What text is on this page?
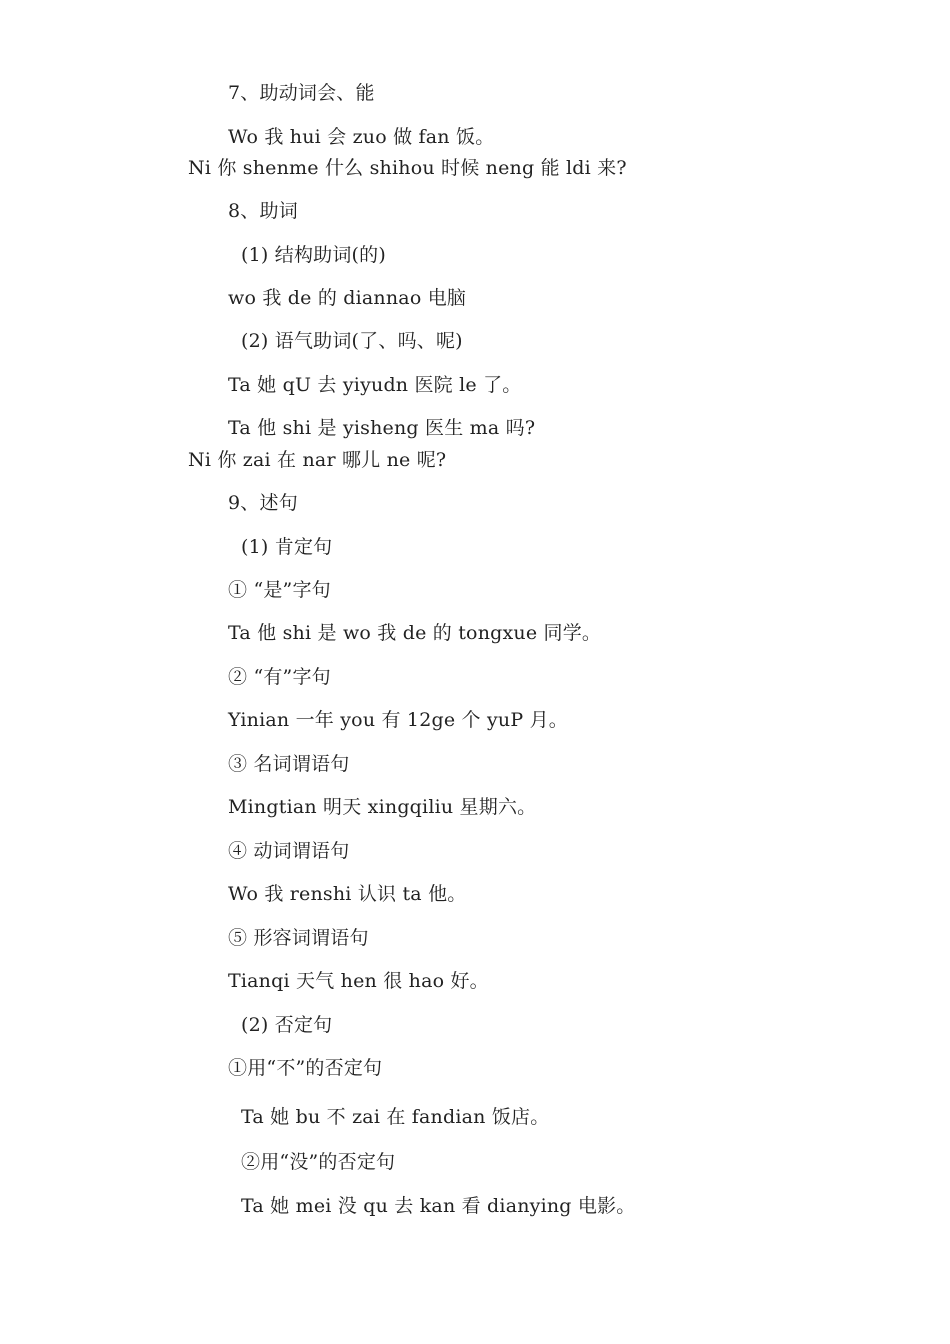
7、助动词会、能
Wo 我 hui 会 zuo 做 fan 饭。
Ni 你 shenme 什么 shihou 时候 neng 能 ldi 来?
8、助词
(1) 结构助词(的)
wo 我 de 的 diannao 电脑
(2) 语气助词(了、吗、呢)
Ta 她 qU 去 yiyudn 医院 le 了。
Ta 他 shi 是 yisheng 医生 ma 吗?
Ni 你 zai 在 nar 哪儿 ne 呢?
9、述句
(1) 肯定句
① “是”字句
Ta 他 shi 是 wo 我 de 的 tongxue 同学。
② “有”字句
Yinian 一年 you 有 12ge 个 yuP 月。
③ 名词谓语句
Mingtian 明天 xingqiliu 星期六。
④ 动词谓语句
Wo 我 renshi 认识 ta 他。
⑤ 形容词谓语句
Tianqi 天气 hen 很 hao 好。
(2) 否定句
①用“不”的否定句
Ta 她 bu 不 zai 在 fandian 饭店。
②用“没”的否定句
Ta 她 mei 没 qu 去 kan 看 dianying 电影。
